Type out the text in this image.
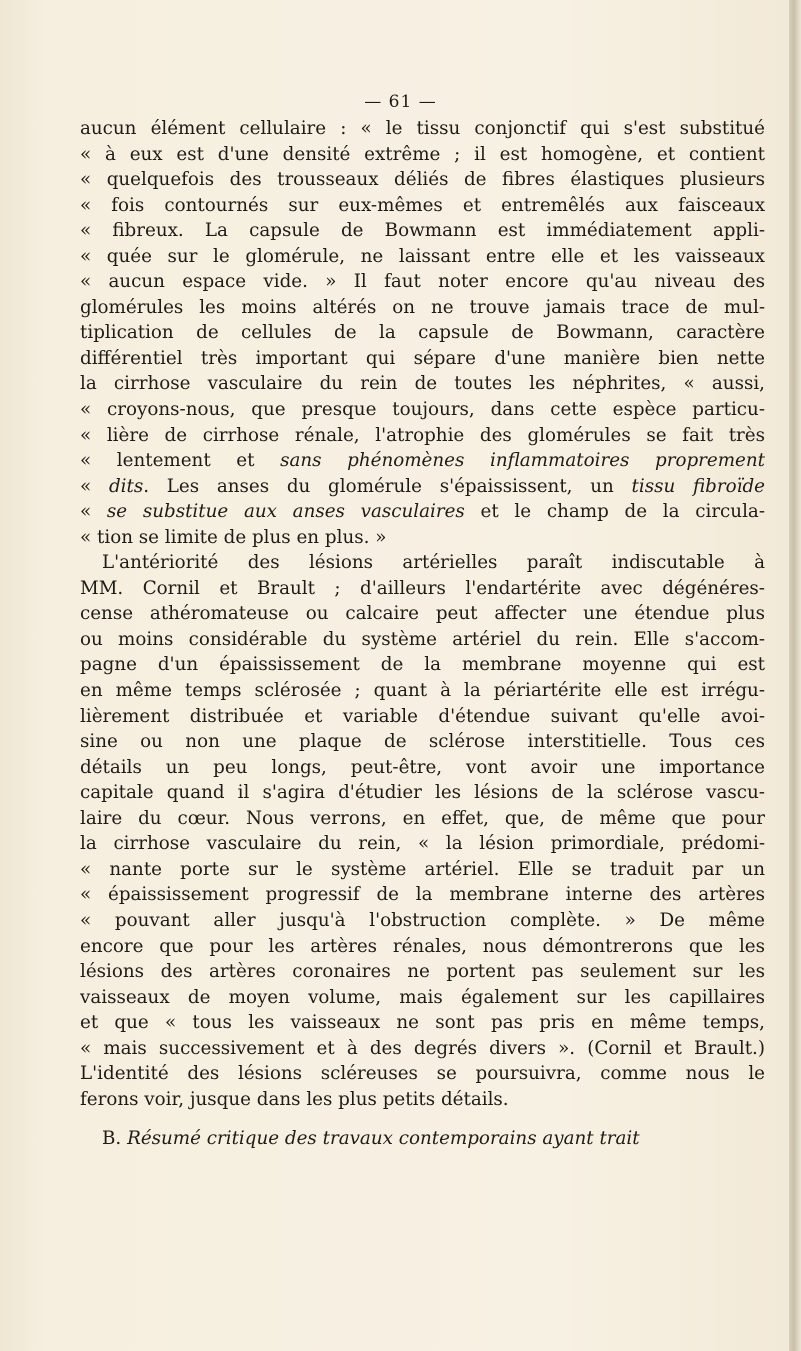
— 61 —
aucun élément cellulaire : « le tissu conjonctif qui s'est substitué
« à eux est d'une densité extrême ; il est homogène, et contient
« quelquefois des trousseaux déliés de fibres élastiques plusieurs
« fois contournés sur eux-mêmes et entremêlés aux faisceaux
« fibreux. La capsule de Bowmann est immédiatement appli-
« quée sur le glomérule, ne laissant entre elle et les vaisseaux
« aucun espace vide. » Il faut noter encore qu'au niveau des
glomérules les moins altérés on ne trouve jamais trace de mul-
tiplication de cellules de la capsule de Bowmann, caractère
différentiel très important qui sépare d'une manière bien nette
la cirrhose vasculaire du rein de toutes les néphrites, « aussi,
« croyons-nous, que presque toujours, dans cette espèce particu-
« lière de cirrhose rénale, l'atrophie des glomérules se fait très
« lentement et sans phénomènes inflammatoires proprement
« dits. Les anses du glomérule s'épaississent, un tissu fibroïde
« se substitue aux anses vasculaires et le champ de la circula-
« tion se limite de plus en plus. »
L'antériorité des lésions artérielles paraît indiscutable à
MM. Cornil et Brault ; d'ailleurs l'endartérite avec dégénéres-
cense athéromateuse ou calcaire peut affecter une étendue plus
ou moins considérable du système artériel du rein. Elle s'accom-
pagne d'un épaississement de la membrane moyenne qui est
en même temps sclérosée ; quant à la périartérite elle est irrégu-
lièrement distribuée et variable d'étendue suivant qu'elle avoi-
sine ou non une plaque de sclérose interstitielle. Tous ces
détails un peu longs, peut-être, vont avoir une importance
capitale quand il s'agira d'étudier les lésions de la sclérose vascu-
laire du cœur. Nous verrons, en effet, que, de même que pour
la cirrhose vasculaire du rein, « la lésion primordiale, prédomi-
« nante porte sur le système artériel. Elle se traduit par un
« épaississement progressif de la membrane interne des artères
« pouvant aller jusqu'à l'obstruction complète. » De même
encore que pour les artères rénales, nous démontrerons que les
lésions des artères coronaires ne portent pas seulement sur les
vaisseaux de moyen volume, mais également sur les capillaires
et que « tous les vaisseaux ne sont pas pris en même temps,
« mais successivement et à des degrés divers ». (Cornil et Brault.)
L'identité des lésions scléreuses se poursuivra, comme nous le
ferons voir, jusque dans les plus petits détails.
B. Résumé critique des travaux contemporains ayant trait
